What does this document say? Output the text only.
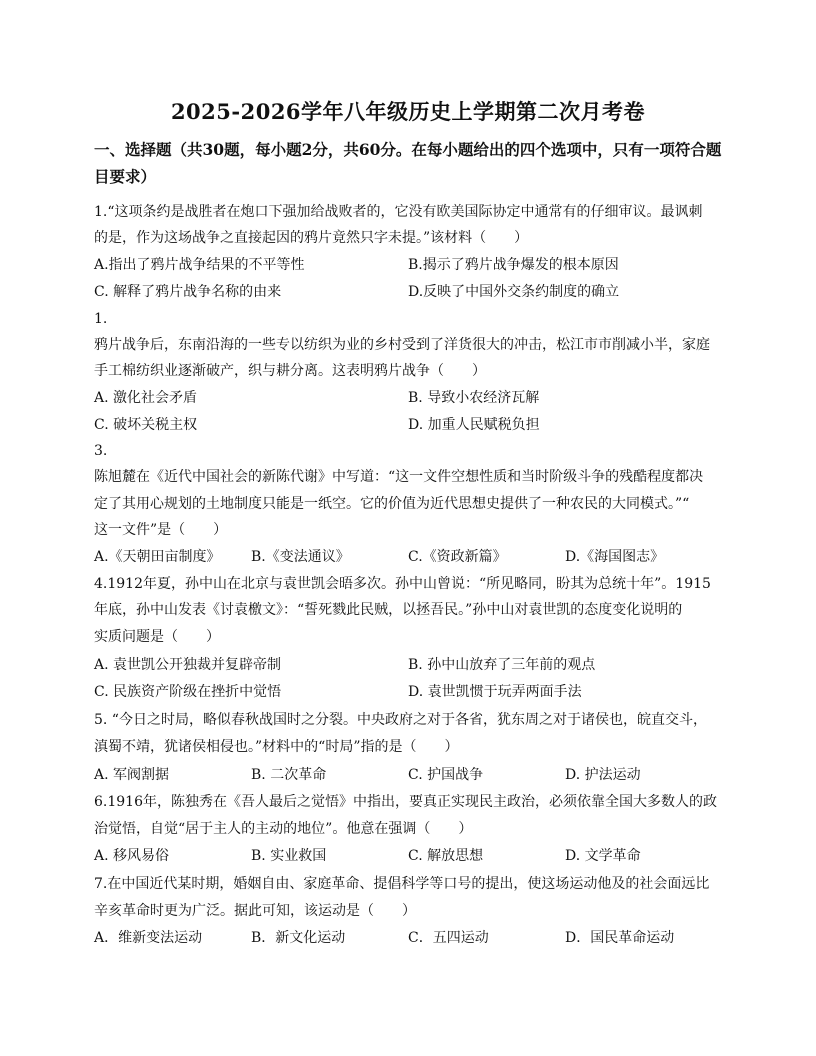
2025-2026学年八年级历史上学期第二次月考卷
一、选择题（共30题，每小题2分，共60分。在每小题给出的四个选项中，只有一项符合题目要求）
1.“这项条约是战胜者在炮口下强加给战败者的，它没有欧美国际协定中通常有的仔细审议。最讽刺
的是，作为这场战争之直接起因的鸦片竟然只字未提。”该材料（　　）
A.指出了鸦片战争结果的不平等性	B.揭示了鸦片战争爆发的根本原因
C. 解释了鸦片战争名称的由来	D.反映了中国外交条约制度的确立
1.
鸦片战争后，东南沿海的一些专以纺织为业的乡村受到了洋货很大的冲击，松江市市削减小半，家庭
手工棉纺织业逐渐破产，织与耕分离。这表明鸦片战争（　　）
A. 激化社会矛盾	B. 导致小农经济瓦解
C. 破坏关税主权	D. 加重人民赋税负担
3.
陈旭麓在《近代中国社会的新陈代谢》中写道：“这一文件空想性质和当时阶级斗争的残酷程度都决
定了其用心规划的土地制度只能是一纸空。它的价值为近代思想史提供了一种农民的大同模式。”“
这一文件”是（　　）
A.《天朝田亩制度》 B.《变法通议》	C.《资政新篇》	D.《海国图志》
4.1912年夏，孙中山在北京与袁世凯会晤多次。孙中山曾说：“所见略同，盼其为总统十年”。1915
年底，孙中山发表《讨袁檄文》：“誓死戮此民贼，以拯吾民。”孙中山对袁世凯的态度变化说明的
实质问题是（　　）
A. 袁世凯公开独裁并复辟帝制	B. 孙中山放弃了三年前的观点
C. 民族资产阶级在挫折中觉悟	D. 袁世凯惯于玩弄两面手法
5. “今日之时局，略似春秋战国时之分裂。中央政府之对于各省，犹东周之对于诸侯也，皖直交斗，
滇蜀不靖，犹诸侯相侵也。”材料中的“时局”指的是（　　）
A. 军阀割据	B. 二次革命	C. 护国战争	D. 护法运动
6.1916年，陈独秀在《吾人最后之觉悟》中指出，要真正实现民主政治，必须依靠全国大多数人的政
治觉悟，自觉“居于主人的主动的地位”。他意在强调（　　）
A. 移风易俗	B. 实业救国	C. 解放思想	D. 文学革命
7.在中国近代某时期，婚姻自由、家庭革命、提倡科学等口号的提出，使这场运动他及的社会面远比
辛亥革命时更为广泛。据此可知，该运动是（　　）
A．维新变法运动	B．新文化运动	C．五四运动	D．国民革命运动
